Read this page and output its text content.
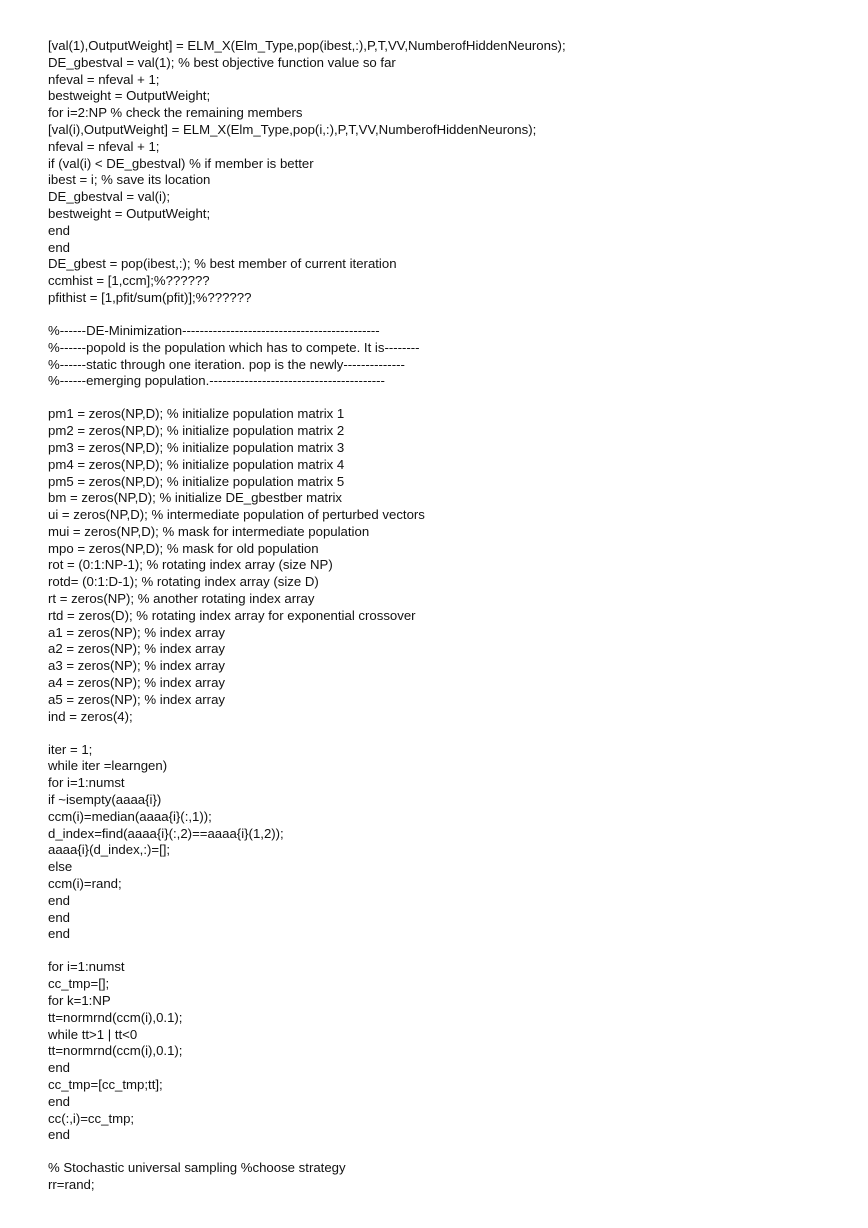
[val(1),OutputWeight] = ELM_X(Elm_Type,pop(ibest,:),P,T,VV,NumberofHiddenNeurons);
DE_gbestval = val(1); % best objective function value so far
nfeval = nfeval + 1;
bestweight = OutputWeight;
for i=2:NP % check the remaining members
[val(i),OutputWeight] = ELM_X(Elm_Type,pop(i,:),P,T,VV,NumberofHiddenNeurons);
nfeval = nfeval + 1;
if (val(i) < DE_gbestval) % if member is better
ibest = i; % save its location
DE_gbestval = val(i);
bestweight = OutputWeight;
end
end
DE_gbest = pop(ibest,:); % best member of current iteration
ccmhist = [1,ccm];%??????
pfithist = [1,pfit/sum(pfit)];%??????
%------DE-Minimization---------------------------------------------
%------popold is the population which has to compete. It is--------
%------static through one iteration. pop is the newly--------------
%------emerging population.----------------------------------------
pm1 = zeros(NP,D); % initialize population matrix 1
pm2 = zeros(NP,D); % initialize population matrix 2
pm3 = zeros(NP,D); % initialize population matrix 3
pm4 = zeros(NP,D); % initialize population matrix 4
pm5 = zeros(NP,D); % initialize population matrix 5
bm = zeros(NP,D); % initialize DE_gbestber matrix
ui = zeros(NP,D); % intermediate population of perturbed vectors
mui = zeros(NP,D); % mask for intermediate population
mpo = zeros(NP,D); % mask for old population
rot = (0:1:NP-1); % rotating index array (size NP)
rotd= (0:1:D-1); % rotating index array (size D)
rt = zeros(NP); % another rotating index array
rtd = zeros(D); % rotating index array for exponential crossover
a1 = zeros(NP); % index array
a2 = zeros(NP); % index array
a3 = zeros(NP); % index array
a4 = zeros(NP); % index array
a5 = zeros(NP); % index array
ind = zeros(4);
iter = 1;
while iter =learngen)
for i=1:numst
if ~isempty(aaaa{i})
ccm(i)=median(aaaa{i}(:,1));
d_index=find(aaaa{i}(:,2)==aaaa{i}(1,2));
aaaa{i}(d_index,:)=[];
else
ccm(i)=rand;
end
end
end
for i=1:numst
cc_tmp=[];
for k=1:NP
tt=normrnd(ccm(i),0.1);
while tt>1 | tt<0
tt=normrnd(ccm(i),0.1);
end
cc_tmp=[cc_tmp;tt];
end
cc(:,i)=cc_tmp;
end
% Stochastic universal sampling %choose strategy
rr=rand;
